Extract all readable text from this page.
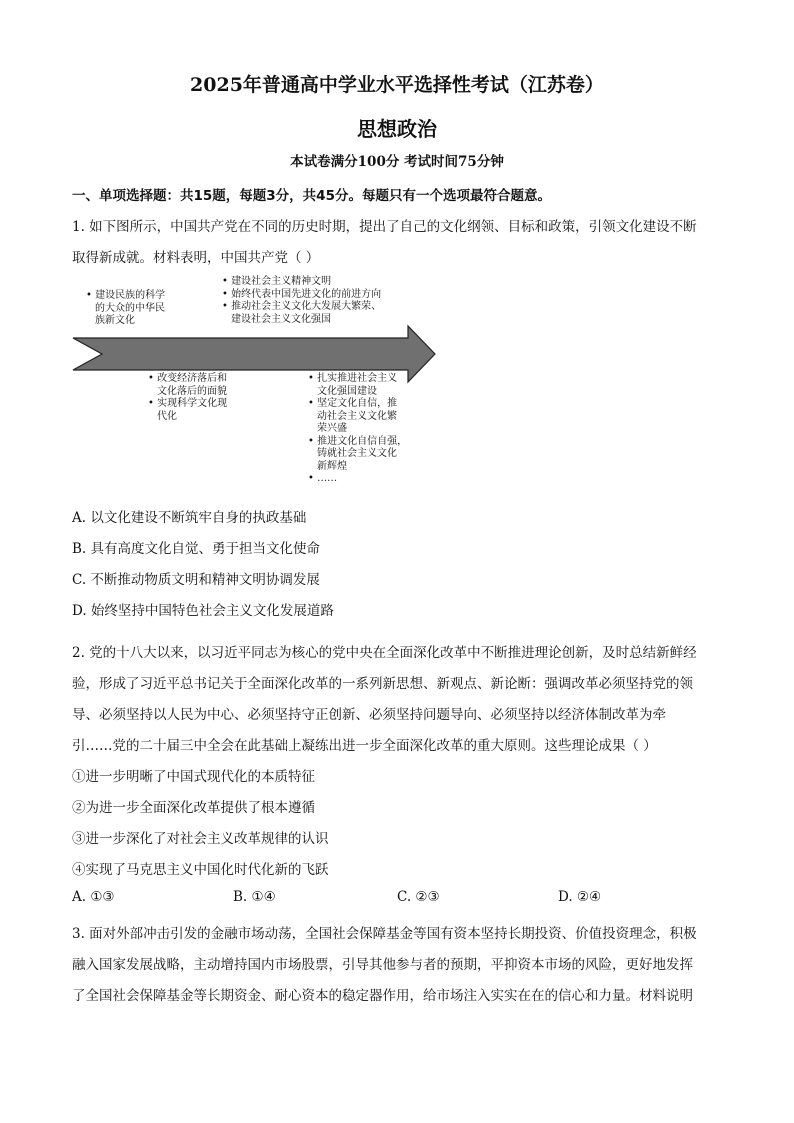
2025年普通高中学业水平选择性考试（江苏卷）
思想政治
本试卷满分100分 考试时间75分钟
一、单项选择题：共15题，每题3分，共45分。每题只有一个选项最符合题意。
1. 如下图所示，中国共产党在不同的历史时期，提出了自己的文化纲领、目标和政策，引领文化建设不断
取得新成就。材料表明，中国共产党（ ）
• 建设民族的科学
的大众的中华民
族新文化
• 建设社会主义精神文明
• 始终代表中国先进文化的前进方向
• 推动社会主义文化大发展大繁荣、
建设社会主义文化强国
• 改变经济落后和
文化落后的面貌
• 实现科学文化现
代化
• 扎实推进社会主义
文化强国建设
• 坚定文化自信，推
动社会主义文化繁
荣兴盛
• 推进文化自信自强，
铸就社会主义文化
新辉煌
• ……
A. 以文化建设不断筑牢自身的执政基础
B. 具有高度文化自觉、勇于担当文化使命
C. 不断推动物质文明和精神文明协调发展
D. 始终坚持中国特色社会主义文化发展道路
2. 党的十八大以来，以习近平同志为核心的党中央在全面深化改革中不断推进理论创新，及时总结新鲜经
验，形成了习近平总书记关于全面深化改革的一系列新思想、新观点、新论断：强调改革必须坚持党的领
导、必须坚持以人民为中心、必须坚持守正创新、必须坚持问题导向、必须坚持以经济体制改革为牵
引……党的二十届三中全会在此基础上凝练出进一步全面深化改革的重大原则。这些理论成果（ ）
①进一步明晰了中国式现代化的本质特征
②为进一步全面深化改革提供了根本遵循
③进一步深化了对社会主义改革规律的认识
④实现了马克思主义中国化时代化新的飞跃
A. ①③	B. ①④	C. ②③	D. ②④
3. 面对外部冲击引发的金融市场动荡，全国社会保障基金等国有资本坚持长期投资、价值投资理念，积极
融入国家发展战略，主动增持国内市场股票，引导其他参与者的预期，平抑资本市场的风险，更好地发挥
了全国社会保障基金等长期资金、耐心资本的稳定器作用，给市场注入实实在在的信心和力量。材料说明
